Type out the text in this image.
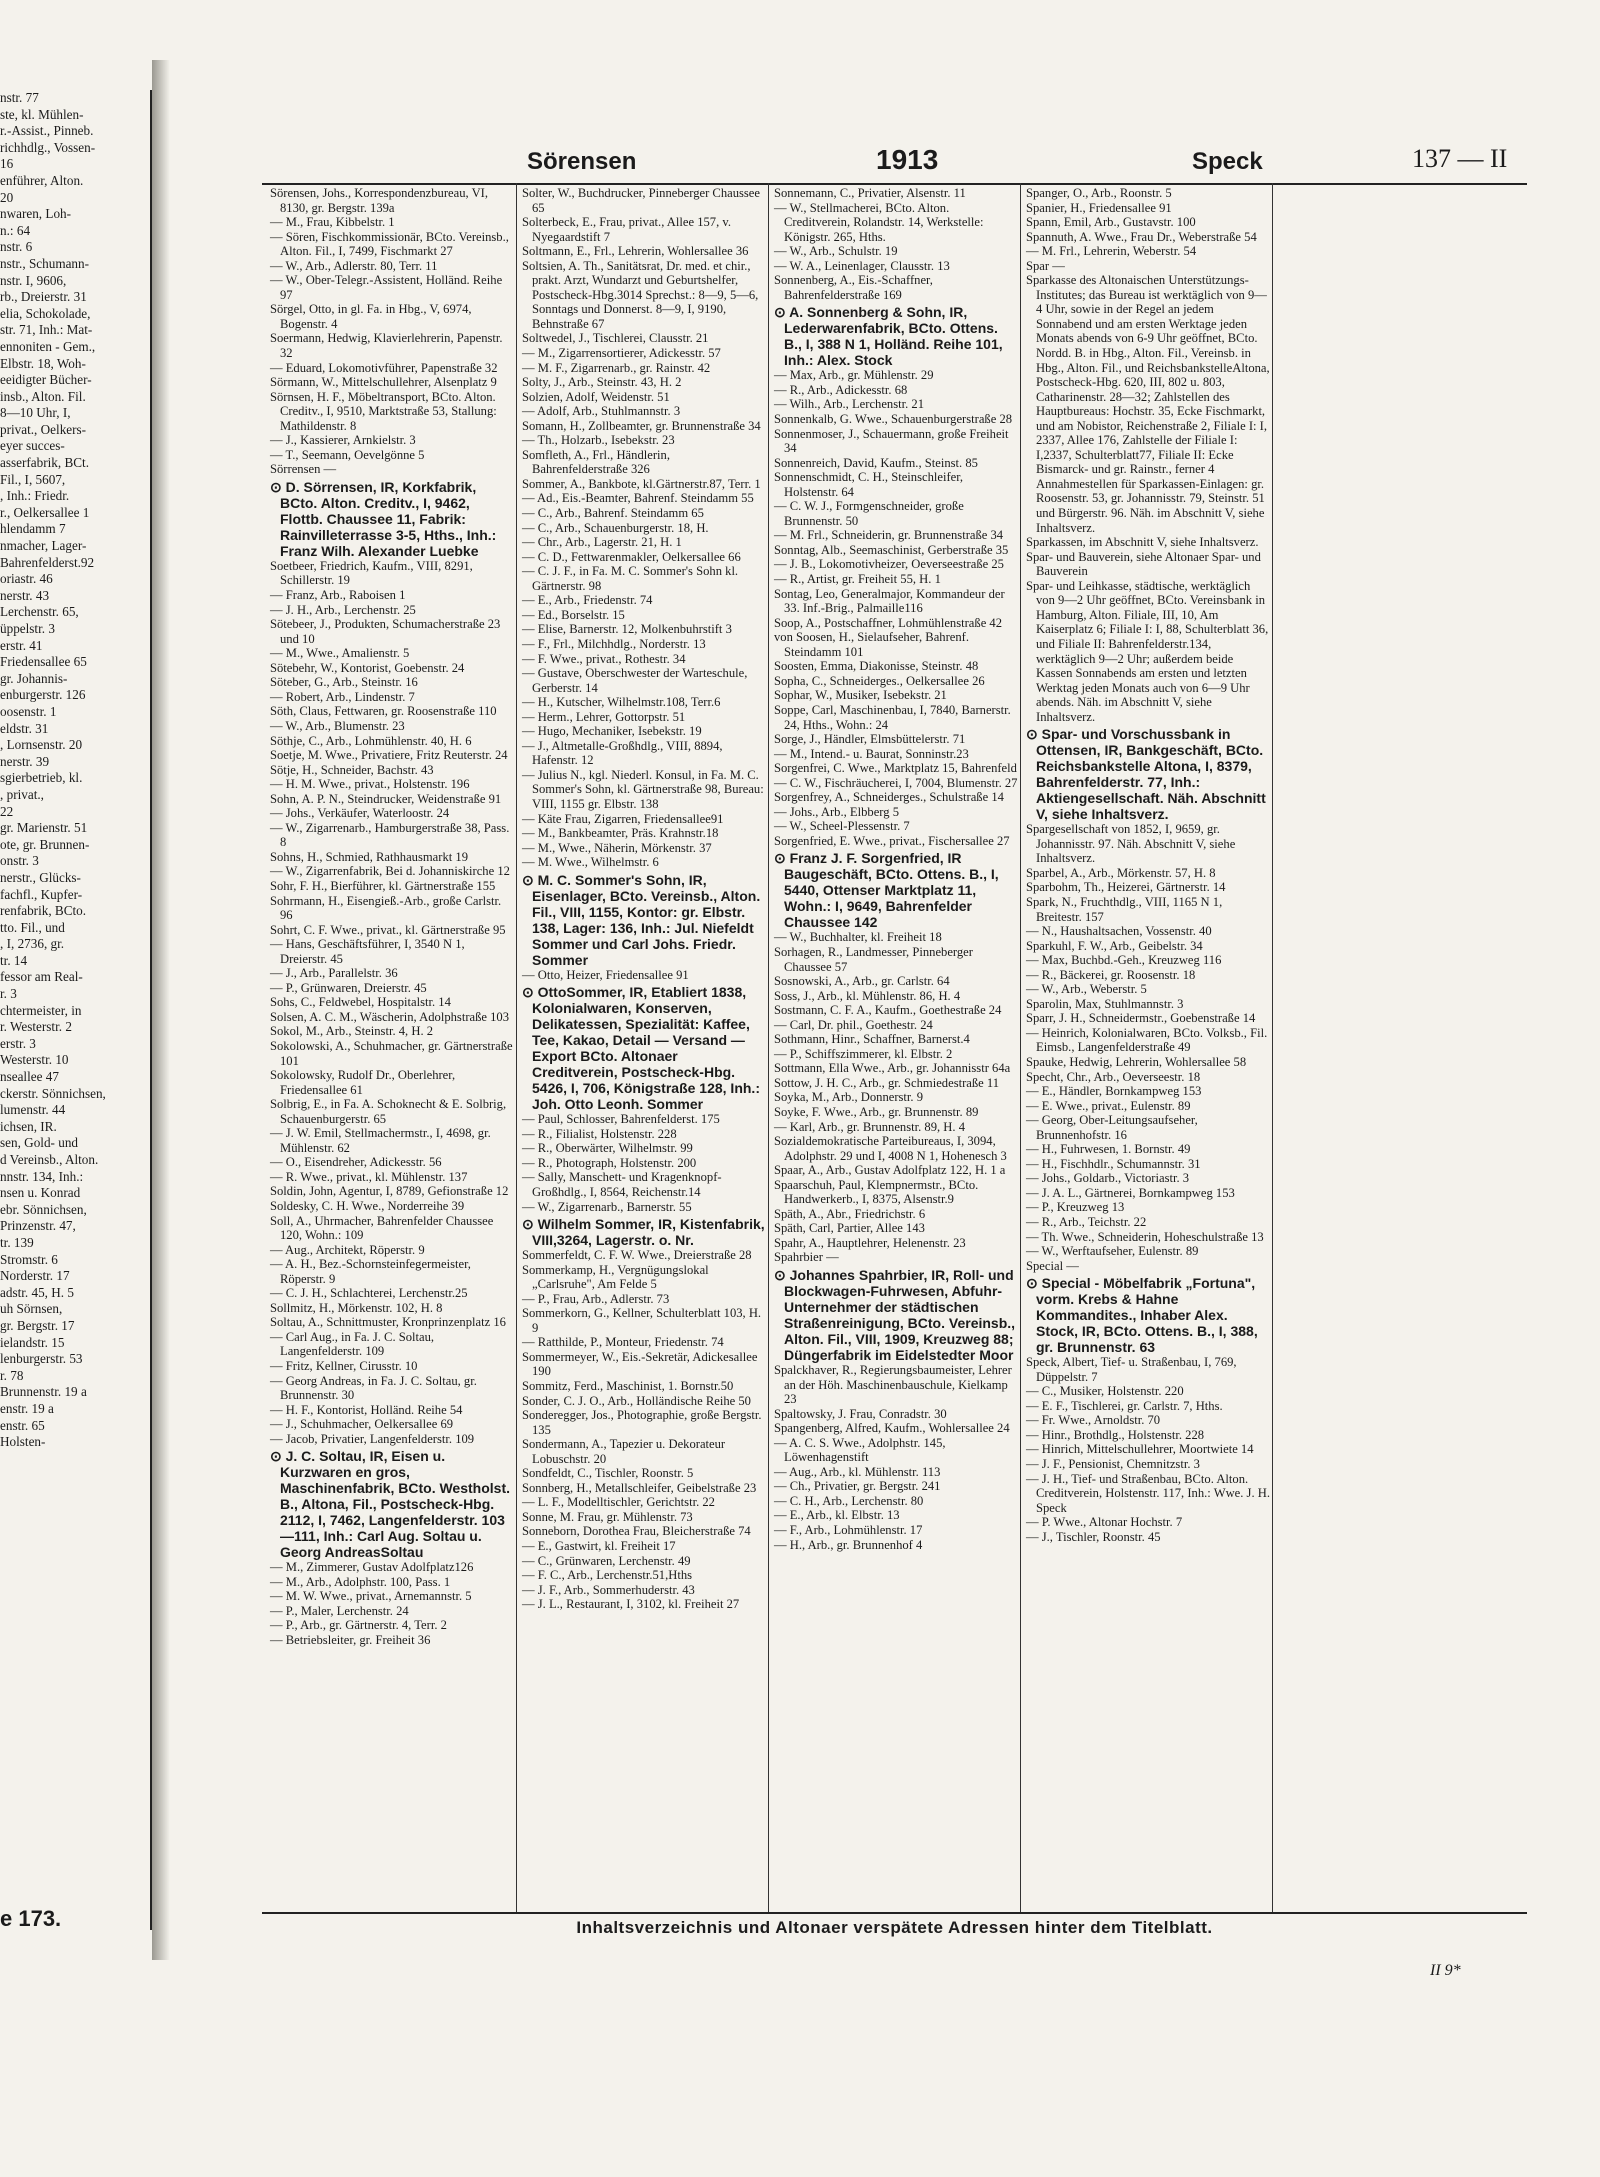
nstr. 77
ste, kl. Mühlen-
r.-Assist., Pinneb.
richhdlg., Vossen-
16
enführer, Alton.
20
nwaren, Loh-
n.: 64
nstr. 6
nstr., Schumann-
nstr. I, 9606,
rb., Dreierstr. 31
elia, Schokolade,
str. 71, Inh.: Mat-
ennoniten - Gem.,
Elbstr. 18, Woh-
eeidigter Bücher-
insb., Alton. Fil.
8—10 Uhr, I,
privat., Oelkers-
eyer succes-
asserfabrik, BCt.
Fil., I, 5607,
, Inh.: Friedr.
r., Oelkersallee 1
hlendamm 7
nmacher, Lager-
Bahrenfelderst.92
oriastr. 46
nerstr. 43
Lerchenstr. 65,
üppelstr. 3
erstr. 41
Friedensallee 65
gr. Johannis-
enburgerstr. 126
oosenstr. 1
eldstr. 31
, Lornsenstr. 20
nerstr. 39
sgierbetrieb, kl.
, privat.,
22
gr. Marienstr. 51
ote, gr. Brunnen-
onstr. 3
nerstr., Glücks-
fachfl., Kupfer-
renfabrik, BCto.
tto. Fil., und
, I, 2736, gr.
tr. 14
fessor am Real-
r. 3
chtermeister, in
r. Westerstr. 2
erstr. 3
Westerstr. 10
nseallee 47
ckerstr. Sönnichsen,
lumenstr. 44
ichsen, IR.
sen, Gold- und
d Vereinsb., Alton.
nnstr. 134, Inh.:
nsen u. Konrad
ebr. Sönnichsen,
Prinzenstr. 47,
tr. 139
Stromstr. 6
Norderstr. 17
adstr. 45, H. 5
uh Sörnsen,
gr. Bergstr. 17
ielandstr. 15
lenburgerstr. 53
r. 78
Brunnenstr. 19 a
enstr. 19 a
enstr. 65
Holsten-
e 173.
Sörensen	1913	Speck	137 — II

Sörensen, Johs., Korrespondenzbureau, VI, 8130, gr. Bergstr. 139a

— M., Frau, Kibbelstr. 1

— Sören, Fischkommissionär, BCto. Vereinsb., Alton. Fil., I, 7499, Fischmarkt 27

— W., Arb., Adlerstr. 80, Terr. 11

— W., Ober-Telegr.-Assistent, Holländ. Reihe 97

Sörgel, Otto, in gl. Fa. in Hbg., V, 6974, Bogenstr. 4

Soermann, Hedwig, Klavierlehrerin, Papenstr. 32

— Eduard, Lokomotivführer, Papenstraße 32

Sörmann, W., Mittelschullehrer, Alsenplatz 9

Sörnsen, H. F., Möbeltransport, BCto. Alton. Creditv., I, 9510, Marktstraße 53, Stallung: Mathildenstr. 8

— J., Kassierer, Arnkielstr. 3

— T., Seemann, Oevelgönne 5

Sörrensen —

⊙ D. Sörrensen, IR, Korkfabrik, BCto. Alton. Creditv., I, 9462, Flottb. Chaussee 11, Fabrik: Rainvilleterrasse 3-5, Hths., Inh.: Franz Wilh. Alexander Luebke

Soetbeer, Friedrich, Kaufm., VIII, 8291, Schillerstr. 19

— Franz, Arb., Raboisen 1

— J. H., Arb., Lerchenstr. 25

Sötebeer, J., Produkten, Schumacherstraße 23 und 10

— M., Wwe., Amalienstr. 5

Sötebehr, W., Kontorist, Goebenstr. 24

Söteber, G., Arb., Steinstr. 16

— Robert, Arb., Lindenstr. 7

Söth, Claus, Fettwaren, gr. Roosenstraße 110

— W., Arb., Blumenstr. 23

Söthje, C., Arb., Lohmühlenstr. 40, H. 6

Soetje, M. Wwe., Privatiere, Fritz Reuterstr. 24

Sötje, H., Schneider, Bachstr. 43

— H. M. Wwe., privat., Holstenstr. 196

Sohn, A. P. N., Steindrucker, Weidenstraße 91

— Johs., Verkäufer, Waterloostr. 24

— W., Zigarrenarb., Hamburgerstraße 38, Pass. 8

Sohns, H., Schmied, Rathhausmarkt 19

— W., Zigarrenfabrik, Bei d. Johanniskirche 12

Sohr, F. H., Bierführer, kl. Gärtnerstraße 155

Sohrmann, H., Eisengieß.-Arb., große Carlstr. 96

Sohrt, C. F. Wwe., privat., kl. Gärtnerstraße 95

— Hans, Geschäftsführer, I, 3540 N 1, Dreierstr. 45

— J., Arb., Parallelstr. 36

— P., Grünwaren, Dreierstr. 45

Sohs, C., Feldwebel, Hospitalstr. 14

Solsen, A. C. M., Wäscherin, Adolphstraße 103

Sokol, M., Arb., Steinstr. 4, H. 2

Sokolowski, A., Schuhmacher, gr. Gärtnerstraße 101

Sokolowsky, Rudolf Dr., Oberlehrer, Friedensallee 61

Solbrig, E., in Fa. A. Schoknecht & E. Solbrig, Schauenburgerstr. 65

— J. W. Emil, Stellmachermstr., I, 4698, gr. Mühlenstr. 62

— O., Eisendreher, Adickesstr. 56

— R. Wwe., privat., kl. Mühlenstr. 137

Soldin, John, Agentur, I, 8789, Gefionstraße 12

Soldesky, C. H. Wwe., Norderreihe 39

Soll, A., Uhrmacher, Bahrenfelder Chaussee 120, Wohn.: 109

— Aug., Architekt, Röperstr. 9

— A. H., Bez.-Schornsteinfegermeister, Röperstr. 9

— C. J. H., Schlachterei, Lerchenstr.25

Sollmitz, H., Mörkenstr. 102, H. 8

Soltau, A., Schnittmuster, Kronprinzenplatz 16

— Carl Aug., in Fa. J. C. Soltau, Langenfelderstr. 109

— Fritz, Kellner, Cirusstr. 10

— Georg Andreas, in Fa. J. C. Soltau, gr. Brunnenstr. 30

— H. F., Kontorist, Holländ. Reihe 54

— J., Schuhmacher, Oelkersallee 69

— Jacob, Privatier, Langenfelderstr. 109

⊙ J. C. Soltau, IR, Eisen u. Kurzwaren en gros, Maschinenfabrik, BCto. Westholst. B., Altona, Fil., Postscheck-Hbg. 2112, I, 7462, Langenfelderstr. 103—111, Inh.: Carl Aug. Soltau u. Georg AndreasSoltau

— M., Zimmerer, Gustav Adolfplatz126

— M., Arb., Adolphstr. 100, Pass. 1

— M. W. Wwe., privat., Arnemannstr. 5

— P., Maler, Lerchenstr. 24

— P., Arb., gr. Gärtnerstr. 4, Terr. 2

— Betriebsleiter, gr. Freiheit 36

Solter, W., Buchdrucker, Pinneberger Chaussee 65

Solterbeck, E., Frau, privat., Allee 157, v. Nyegaardstift 7

Soltmann, E., Frl., Lehrerin, Wohlersallee 36

Soltsien, A. Th., Sanitätsrat, Dr. med. et chir., prakt. Arzt, Wundarzt und Geburtshelfer, Postscheck-Hbg.3014 Sprechst.: 8—9, 5—6, Sonntags und Donnerst. 8—9, I, 9190, Behnstraße 67

Soltwedel, J., Tischlerei, Clausstr. 21

— M., Zigarrensortierer, Adickesstr. 57

— M. F., Zigarrenarb., gr. Rainstr. 42

Solty, J., Arb., Steinstr. 43, H. 2

Solzien, Adolf, Weidenstr. 51

— Adolf, Arb., Stuhlmannstr. 3

Somann, H., Zollbeamter, gr. Brunnenstraße 34

— Th., Holzarb., Isebekstr. 23

Somfleth, A., Frl., Händlerin, Bahrenfelderstraße 326

Sommer, A., Bankbote, kl.Gärtnerstr.87, Terr. 1

— Ad., Eis.-Beamter, Bahrenf. Steindamm 55

— C., Arb., Bahrenf. Steindamm 65

— C., Arb., Schauenburgerstr. 18, H.

— Chr., Arb., Lagerstr. 21, H. 1

— C. D., Fettwarenmakler, Oelkersallee 66

— C. J. F., in Fa. M. C. Sommer's Sohn kl. Gärtnerstr. 98

— E., Arb., Friedenstr. 74

— Ed., Borselstr. 15

— Elise, Barnerstr. 12, Molkenbuhrstift 3

— F., Frl., Milchhdlg., Norderstr. 13

— F. Wwe., privat., Rothestr. 34

— Gustave, Oberschwester der Warteschule, Gerberstr. 14

— H., Kutscher, Wilhelmstr.108, Terr.6

— Herm., Lehrer, Gottorpstr. 51

— Hugo, Mechaniker, Isebekstr. 19

— J., Altmetalle-Großhdlg., VIII, 8894, Hafenstr. 12

— Julius N., kgl. Niederl. Konsul, in Fa. M. C. Sommer's Sohn, kl. Gärtnerstraße 98, Bureau: VIII, 1155 gr. Elbstr. 138

— Käte Frau, Zigarren, Friedensallee91

— M., Bankbeamter, Präs. Krahnstr.18

— M., Wwe., Näherin, Mörkenstr. 37

— M. Wwe., Wilhelmstr. 6

⊙ M. C. Sommer's Sohn, IR, Eisenlager, BCto. Vereinsb., Alton. Fil., VIII, 1155, Kontor: gr. Elbstr. 138, Lager: 136, Inh.: Jul. Niefeldt Sommer und Carl Johs. Friedr. Sommer

— Otto, Heizer, Friedensallee 91

⊙ OttoSommer, IR, Etabliert 1838, Kolonialwaren, Konserven, Delikatessen, Spezialität: Kaffee, Tee, Kakao, Detail — Versand — Export BCto. Altonaer Creditverein, Postscheck-Hbg. 5426, I, 706, Königstraße 128, Inh.: Joh. Otto Leonh. Sommer

— Paul, Schlosser, Bahrenfelderst. 175

— R., Filialist, Holstenstr. 228

— R., Oberwärter, Wilhelmstr. 99

— R., Photograph, Holstenstr. 200

— Sally, Manschett- und Kragenknopf-Großhdlg., I, 8564, Reichenstr.14

— W., Zigarrenarb., Barnerstr. 55

⊙ Wilhelm Sommer, IR, Kistenfabrik, VIII,3264, Lagerstr. o. Nr.

Sommerfeldt, C. F. W. Wwe., Dreierstraße 28

Sommerkamp, H., Vergnügungslokal „Carlsruhe", Am Felde 5

— P., Frau, Arb., Adlerstr. 73

Sommerkorn, G., Kellner, Schulterblatt 103, H. 9

— Ratthilde, P., Monteur, Friedenstr. 74

Sommermeyer, W., Eis.-Sekretär, Adickesallee 190

Sommitz, Ferd., Maschinist, 1. Bornstr.50

Sonder, C. J. O., Arb., Holländische Reihe 50

Sonderegger, Jos., Photographie, große Bergstr. 135

Sondermann, A., Tapezier u. Dekorateur Lobuschstr. 20

Sondfeldt, C., Tischler, Roonstr. 5

Sonnberg, H., Metallschleifer, Geibelstraße 23

— L. F., Modelltischler, Gerichtstr. 22

Sonne, M. Frau, gr. Mühlenstr. 73

Sonneborn, Dorothea Frau, Bleicherstraße 74

— E., Gastwirt, kl. Freiheit 17

— C., Grünwaren, Lerchenstr. 49

— F. C., Arb., Lerchenstr.51,Hths

— J. F., Arb., Sommerhuderstr. 43

— J. L., Restaurant, I, 3102, kl. Freiheit 27

Sonnemann, C., Privatier, Alsenstr. 11

— W., Stellmacherei, BCto. Alton. Creditverein, Rolandstr. 14, Werkstelle: Königstr. 265, Hths.

— W., Arb., Schulstr. 19

— W. A., Leinenlager, Clausstr. 13

Sonnenberg, A., Eis.-Schaffner, Bahrenfelderstraße 169

⊙ A. Sonnenberg & Sohn, IR, Lederwarenfabrik, BCto. Ottens. B., I, 388 N 1, Holländ. Reihe 101, Inh.: Alex. Stock

— Max, Arb., gr. Mühlenstr. 29

— R., Arb., Adickesstr. 68

— Wilh., Arb., Lerchenstr. 21

Sonnenkalb, G. Wwe., Schauenburgerstraße 28

Sonnenmoser, J., Schauermann, große Freiheit 34

Sonnenreich, David, Kaufm., Steinst. 85

Sonnenschmidt, C. H., Steinschleifer, Holstenstr. 64

— C. W. J., Formgenschneider, große Brunnenstr. 50

— M. Frl., Schneiderin, gr. Brunnenstraße 34

Sonntag, Alb., Seemaschinist, Gerberstraße 35

— J. B., Lokomotivheizer, Oeverseestraße 25

— R., Artist, gr. Freiheit 55, H. 1

Sontag, Leo, Generalmajor, Kommandeur der 33. Inf.-Brig., Palmaille116

Soop, A., Postschaffner, Lohmühlenstraße 42

von Soosen, H., Sielaufseher, Bahrenf. Steindamm 101

Soosten, Emma, Diakonisse, Steinstr. 48

Sopha, C., Schneiderges., Oelkersallee 26

Sophar, W., Musiker, Isebekstr. 21

Soppe, Carl, Maschinenbau, I, 7840, Barnerstr. 24, Hths., Wohn.: 24

Sorge, J., Händler, Elmsbüttelerstr. 71

— M., Intend.- u. Baurat, Sonninstr.23

Sorgenfrei, C. Wwe., Marktplatz 15, Bahrenfeld

— C. W., Fischräucherei, I, 7004, Blumenstr. 27

Sorgenfrey, A., Schneiderges., Schulstraße 14

— Johs., Arb., Elbberg 5

— W., Scheel-Plessenstr. 7

Sorgenfried, E. Wwe., privat., Fischersallee 27

⊙ Franz J. F. Sorgenfried, IR Baugeschäft, BCto. Ottens. B., I, 5440, Ottenser Marktplatz 11, Wohn.: I, 9649, Bahrenfelder Chaussee 142

— W., Buchhalter, kl. Freiheit 18

Sorhagen, R., Landmesser, Pinneberger Chaussee 57

Sosnowski, A., Arb., gr. Carlstr. 64

Soss, J., Arb., kl. Mühlenstr. 86, H. 4

Sostmann, C. F. A., Kaufm., Goethestraße 24

— Carl, Dr. phil., Goethestr. 24

Sothmann, Hinr., Schaffner, Barnerst.4

— P., Schiffszimmerer, kl. Elbstr. 2

Sottmann, Ella Wwe., Arb., gr. Johannisstr 64a

Sottow, J. H. C., Arb., gr. Schmiedestraße 11

Soyka, M., Arb., Donnerstr. 9

Soyke, F. Wwe., Arb., gr. Brunnenstr. 89

— Karl, Arb., gr. Brunnenstr. 89, H. 4

Sozialdemokratische Parteibureaus, I, 3094, Adolphstr. 29 und I, 4008 N 1, Hohenesch 3

Spaar, A., Arb., Gustav Adolfplatz 122, H. 1 a

Spaarschuh, Paul, Klempnermstr., BCto. Handwerkerb., I, 8375, Alsenstr.9

Späth, A., Abr., Friedrichstr. 6

Späth, Carl, Partier, Allee 143

Spahr, A., Hauptlehrer, Helenenstr. 23

Spahrbier —

⊙ Johannes Spahrbier, IR, Roll- und Blockwagen-Fuhrwesen, Abfuhr-Unternehmer der städtischen Straßenreinigung, BCto. Vereinsb., Alton. Fil., VIII, 1909, Kreuzweg 88; Düngerfabrik im Eidelstedter Moor

Spalckhaver, R., Regierungsbaumeister, Lehrer an der Höh. Maschinenbauschule, Kielkamp 23

Spaltowsky, J. Frau, Conradstr. 30

Spangenberg, Alfred, Kaufm., Wohlersallee 24

— A. C. S. Wwe., Adolphstr. 145, Löwenhagenstift

— Aug., Arb., kl. Mühlenstr. 113

— Ch., Privatier, gr. Bergstr. 241

— C. H., Arb., Lerchenstr. 80

— E., Arb., kl. Elbstr. 13

— F., Arb., Lohmühlenstr. 17

— H., Arb., gr. Brunnenhof 4

Spanger, O., Arb., Roonstr. 5

Spanier, H., Friedensallee 91

Spann, Emil, Arb., Gustavstr. 100

Spannuth, A. Wwe., Frau Dr., Weberstraße 54

— M. Frl., Lehrerin, Weberstr. 54

Spar —

Sparkasse des Altonaischen Unterstützungs-Institutes; das Bureau ist werktäglich von 9—4 Uhr, sowie in der Regel an jedem Sonnabend und am ersten Werktage jeden Monats abends von 6-9 Uhr geöffnet, BCto. Nordd. B. in Hbg., Alton. Fil., Vereinsb. in Hbg., Alton. Fil., und ReichsbankstelleAltona, Postscheck-Hbg. 620, III, 802 u. 803, Catharinenstr. 28—32; Zahlstellen des Hauptbureaus: Hochstr. 35, Ecke Fischmarkt, und am Nobistor, Reichenstraße 2, Filiale I: I, 2337, Allee 176, Zahlstelle der Filiale I: I,2337, Schulterblatt77, Filiale II: Ecke Bismarck- und gr. Rainstr., ferner 4 Annahmestellen für Sparkassen-Einlagen: gr. Roosenstr. 53, gr. Johannisstr. 79, Steinstr. 51 und Bürgerstr. 96. Näh. im Abschnitt V, siehe Inhaltsverz.

Sparkassen, im Abschnitt V, siehe Inhaltsverz.

Spar- und Bauverein, siehe Altonaer Spar- und Bauverein

Spar- und Leihkasse, städtische, werktäglich von 9—2 Uhr geöffnet, BCto. Vereinsbank in Hamburg, Alton. Filiale, III, 10, Am Kaiserplatz 6; Filiale I: I, 88, Schulterblatt 36, und Filiale II: Bahrenfelderstr.134, werktäglich 9—2 Uhr; außerdem beide Kassen Sonnabends am ersten und letzten Werktag jeden Monats auch von 6—9 Uhr abends. Näh. im Abschnitt V, siehe Inhaltsverz.

⊙ Spar- und Vorschussbank in Ottensen, IR, Bankgeschäft, BCto. Reichsbankstelle Altona, I, 8379, Bahrenfelderstr. 77, Inh.: Aktiengesellschaft. Näh. Abschnitt V, siehe Inhaltsverz.

Spargesellschaft von 1852, I, 9659, gr. Johannisstr. 97. Näh. Abschnitt V, siehe Inhaltsverz.

Sparbel, A., Arb., Mörkenstr. 57, H. 8

Sparbohm, Th., Heizerei, Gärtnerstr. 14

Spark, N., Fruchthdlg., VIII, 1165 N 1, Breitestr. 157

— N., Haushaltsachen, Vossenstr. 40

Sparkuhl, F. W., Arb., Geibelstr. 34

— Max, Buchbd.-Geh., Kreuzweg 116

— R., Bäckerei, gr. Roosenstr. 18

— W., Arb., Weberstr. 5

Sparolin, Max, Stuhlmannstr. 3

Sparr, J. H., Schneidermstr., Goebenstraße 14

— Heinrich, Kolonialwaren, BCto. Volksb., Fil. Eimsb., Langenfelderstraße 49

Spauke, Hedwig, Lehrerin, Wohlersallee 58

Specht, Chr., Arb., Oeverseestr. 18

— E., Händler, Bornkampweg 153

— E. Wwe., privat., Eulenstr. 89

— Georg, Ober-Leitungsaufseher, Brunnenhofstr. 16

— H., Fuhrwesen, 1. Bornstr. 49

— H., Fischhdlr., Schumannstr. 31

— Johs., Goldarb., Victoriastr. 3

— J. A. L., Gärtnerei, Bornkampweg 153

— P., Kreuzweg 13

— R., Arb., Teichstr. 22

— Th. Wwe., Schneiderin, Hoheschulstraße 13

— W., Werftaufseher, Eulenstr. 89

Special —

⊙ Special - Möbelfabrik „Fortuna", vorm. Krebs & Hahne Kommandites., Inhaber Alex. Stock, IR, BCto. Ottens. B., I, 388, gr. Brunnenstr. 63

Speck, Albert, Tief- u. Straßenbau, I, 769, Düppelstr. 7

— C., Musiker, Holstenstr. 220

— E. F., Tischlerei, gr. Carlstr. 7, Hths.

— Fr. Wwe., Arnoldstr. 70

— Hinr., Brothdlg., Holstenstr. 228

— Hinrich, Mittelschullehrer, Moortwiete 14

— J. F., Pensionist, Chemnitzstr. 3

— J. H., Tief- und Straßenbau, BCto. Alton. Creditverein, Holstenstr. 117, Inh.: Wwe. J. H. Speck

— P. Wwe., Altonar Hochstr. 7

— J., Tischler, Roonstr. 45

Inhaltsverzeichnis und Altonaer verspätete Adressen hinter dem Titelblatt.
II 9*
